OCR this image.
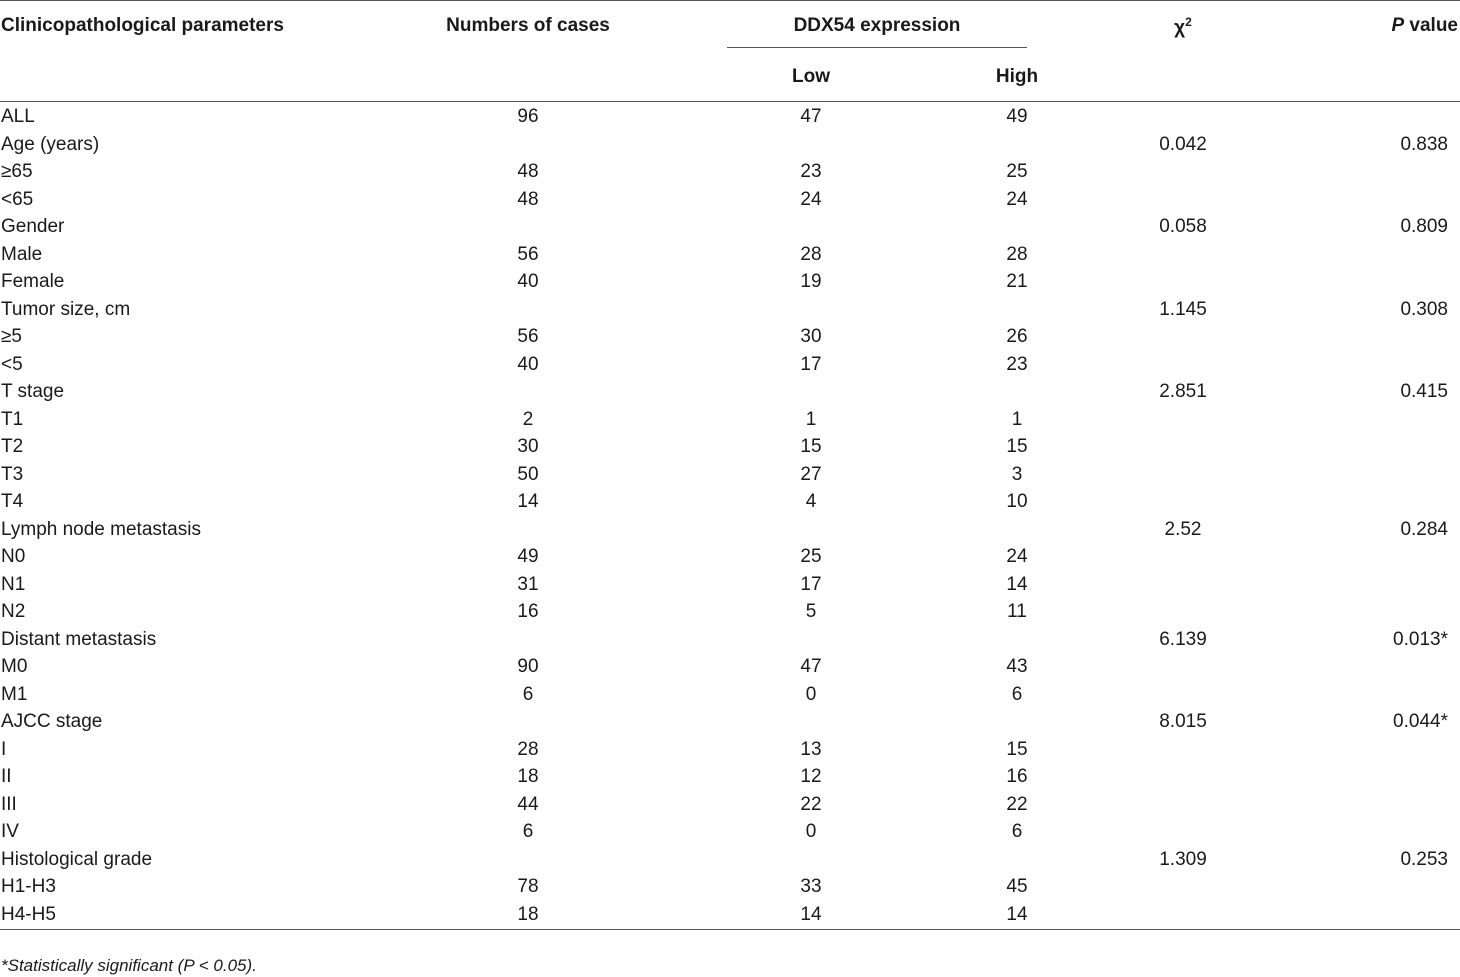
Clinicopathological parameters	Numbers of cases	DDX54 expression		$\chi^2$	P value
		Low	High		
ALL	96	47	49		
Age (years)				0.042	0.838
≥65	48	23	25		
<65	48	24	24		
Gender				0.058	0.809
Male	56	28	28		
Female	40	19	21		
Tumor size, cm				1.145	0.308
≥5	56	30	26		
<5	40	17	23		
T stage				2.851	0.415
T1	2	1	1		
T2	30	15	15		
T3	50	27	3		
T4	14	4	10		
Lymph node metastasis				2.52	0.284
N0	49	25	24		
N1	31	17	14		
N2	16	5	11		
Distant metastasis				6.139	0.013*
M0	90	47	43		
M1	6	0	6		
AJCC stage				8.015	0.044*
I	28	13	15		
II	18	12	16		
III	44	22	22		
IV	6	0	6		
Histological grade				1.309	0.253
H1-H3	78	33	45		
H4-H5	18	14	14		
*Statistically significant (P < 0.05).
